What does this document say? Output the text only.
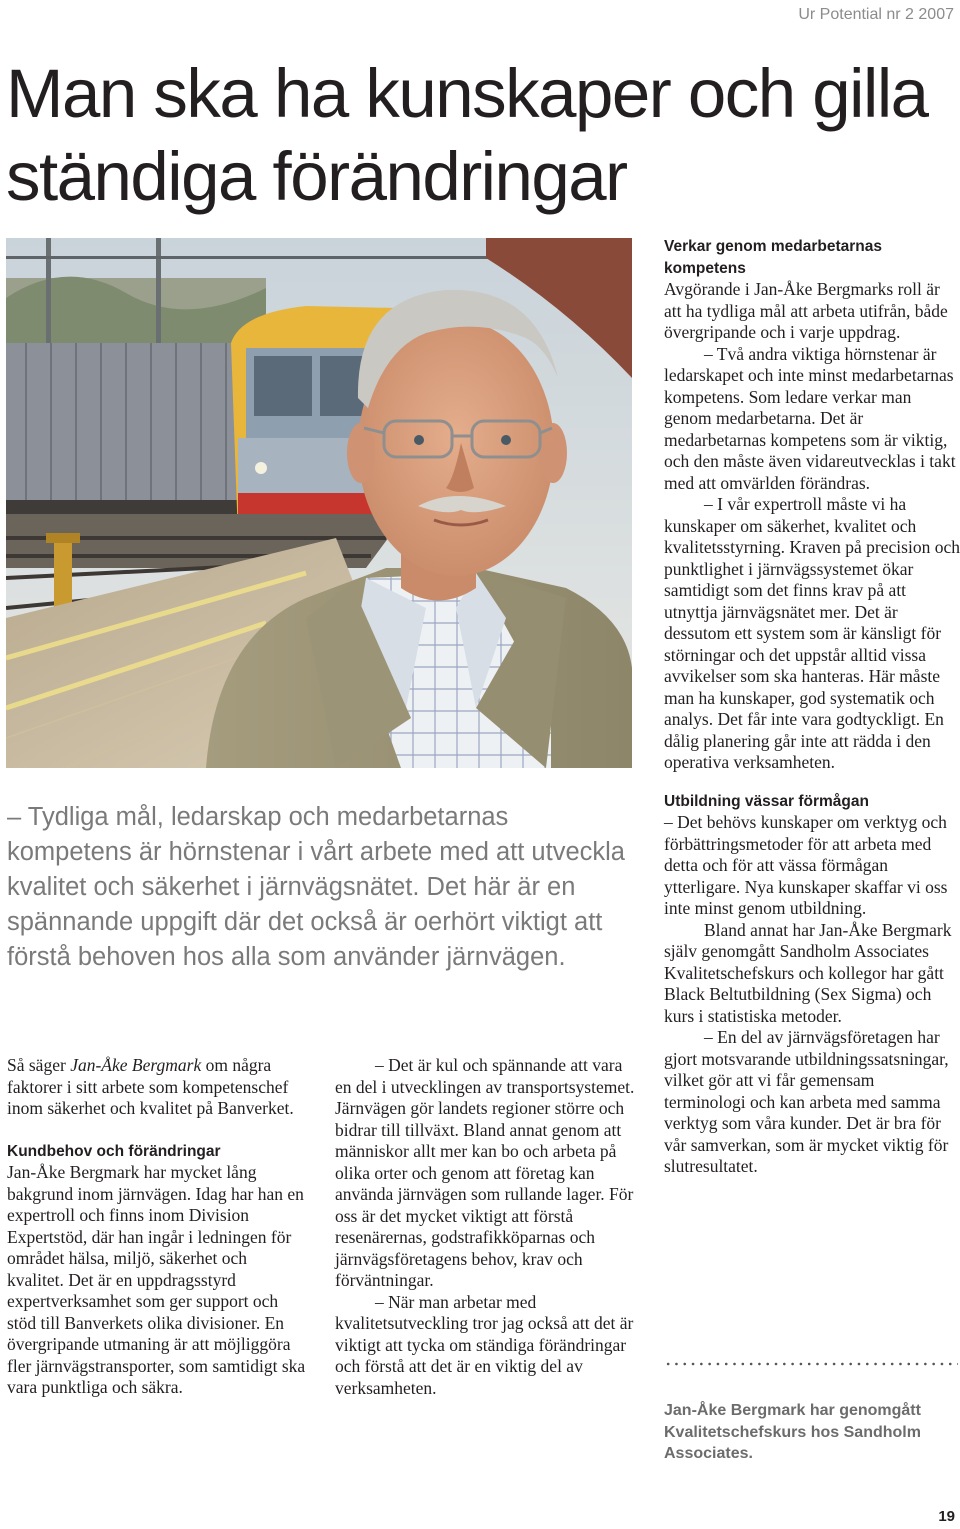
Ur Potential nr 2 2007
Man ska ha kunskaper och gilla ständiga förändringar

– Tydliga mål, ledarskap och medarbetarnas kompetens är hörnstenar i vårt arbete med att utveckla kvalitet och säkerhet i järnvägsnätet. Det här är en spännande uppgift där det också är oerhört viktigt att förstå behoven hos alla som använder järnvägen.

Så säger Jan-Åke Bergmark om några faktorer i sitt arbete som kompetenschef inom säkerhet och kvalitet på Banverket.

Kundbehov och förändringar

Jan-Åke Bergmark har mycket lång bakgrund inom järnvägen. Idag har han en expertroll och finns inom Division Expertstöd, där han ingår i ledningen för området hälsa, miljö, säkerhet och kvalitet. Det är en uppdragsstyrd expertverksamhet som ger support och stöd till Banverkets olika divisioner. En övergripande utmaning är att möjliggöra fler järnvägstransporter, som samtidigt ska vara punktliga och säkra.

– Det är kul och spännande att vara en del i utvecklingen av transportsystemet. Järnvägen gör landets regioner större och bidrar till tillväxt. Bland annat genom att människor allt mer kan bo och arbeta på olika orter och genom att företag kan använda järnvägen som rullande lager. För oss är det mycket viktigt att förstå resenärernas, godstrafikköparnas och järnvägsföretagens behov, krav och förväntningar.

– När man arbetar med kvalitetsutveckling tror jag också att det är viktigt att tycka om ständiga förändringar och förstå att det är en viktig del av verksamheten.

Verkar genom medarbetarnas kompetens

Avgörande i Jan-Åke Bergmarks roll är att ha tydliga mål att arbeta utifrån, både övergripande och i varje uppdrag.

– Två andra viktiga hörnstenar är ledarskapet och inte minst medarbetarnas kompetens. Som ledare verkar man genom medarbetarna. Det är medarbetarnas kompetens som är viktig, och den måste även vidareutvecklas i takt med att omvärlden förändras.

– I vår expertroll måste vi ha kunskaper om säkerhet, kvalitet och kvalitetsstyrning. Kraven på precision och punktlighet i järnvägssystemet ökar samtidigt som det finns krav på att utnyttja järnvägsnätet mer. Det är dessutom ett system som är känsligt för störningar och det uppstår alltid vissa avvikelser som ska hanteras. Här måste man ha kunskaper, god systematik och analys. Det får inte vara godtyckligt. En dålig planering går inte att rädda i den operativa verksamheten.

Utbildning vässar förmågan

– Det behövs kunskaper om verktyg och förbättringsmetoder för att arbeta med detta och för att vässa förmågan ytterligare. Nya kunskaper skaffar vi oss inte minst genom utbildning.

Bland annat har Jan-Åke Bergmark själv genomgått Sandholm Associates Kvalitetschefskurs och kollegor har gått Black Beltutbildning (Sex Sigma) och kurs i statistiska metoder.

– En del av järnvägsföretagen har gjort motsvarande utbildningssatsningar, vilket gör att vi får gemensam terminologi och kan arbeta med samma verktyg som våra kunder. Det är bra för vår samverkan, som är mycket viktig för slutresultatet.

Jan-Åke Bergmark har genomgått Kvalitetschefskurs hos Sandholm Associates.

19
